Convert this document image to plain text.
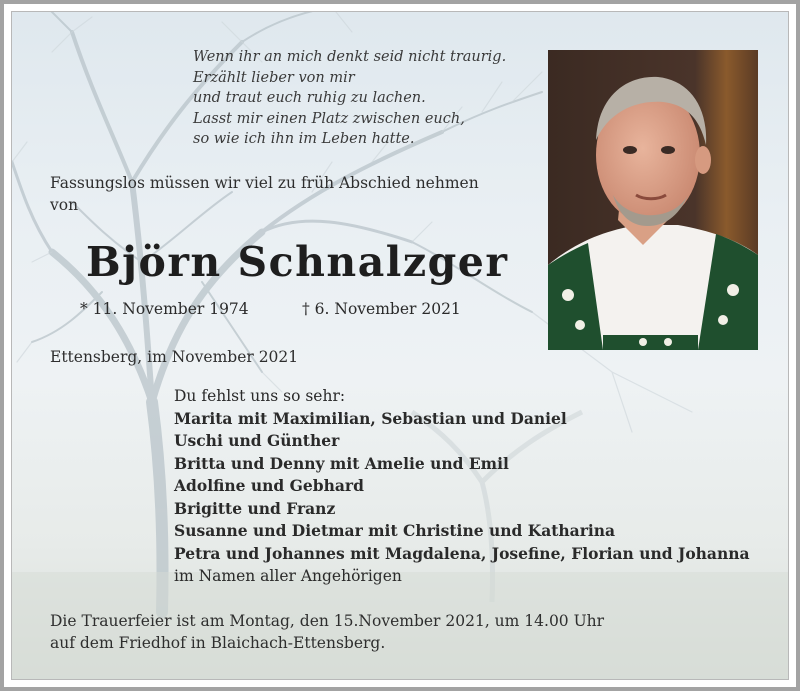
Wenn ihr an mich denkt seid nicht traurig.
Erzählt lieber von mir
und traut euch ruhig zu lachen.
Lasst mir einen Platz zwischen euch,
so wie ich ihn im Leben hatte.
Fassungslos müssen wir viel zu früh Abschied nehmen
von
Björn Schnalzger
* 11. November 1974	† 6. November 2021
Ettensberg, im November 2021
Du fehlst uns so sehr:
Marita mit Maximilian, Sebastian und Daniel
Uschi und Günther
Britta und Denny mit Amelie und Emil
Adolfine und Gebhard
Brigitte und Franz
Susanne und Dietmar mit Christine und Katharina
Petra und Johannes mit Magdalena, Josefine, Florian und Johanna
im Namen aller Angehörigen
Die Trauerfeier ist am Montag, den 15.November 2021, um 14.00 Uhr
auf dem Friedhof in Blaichach-Ettensberg.
